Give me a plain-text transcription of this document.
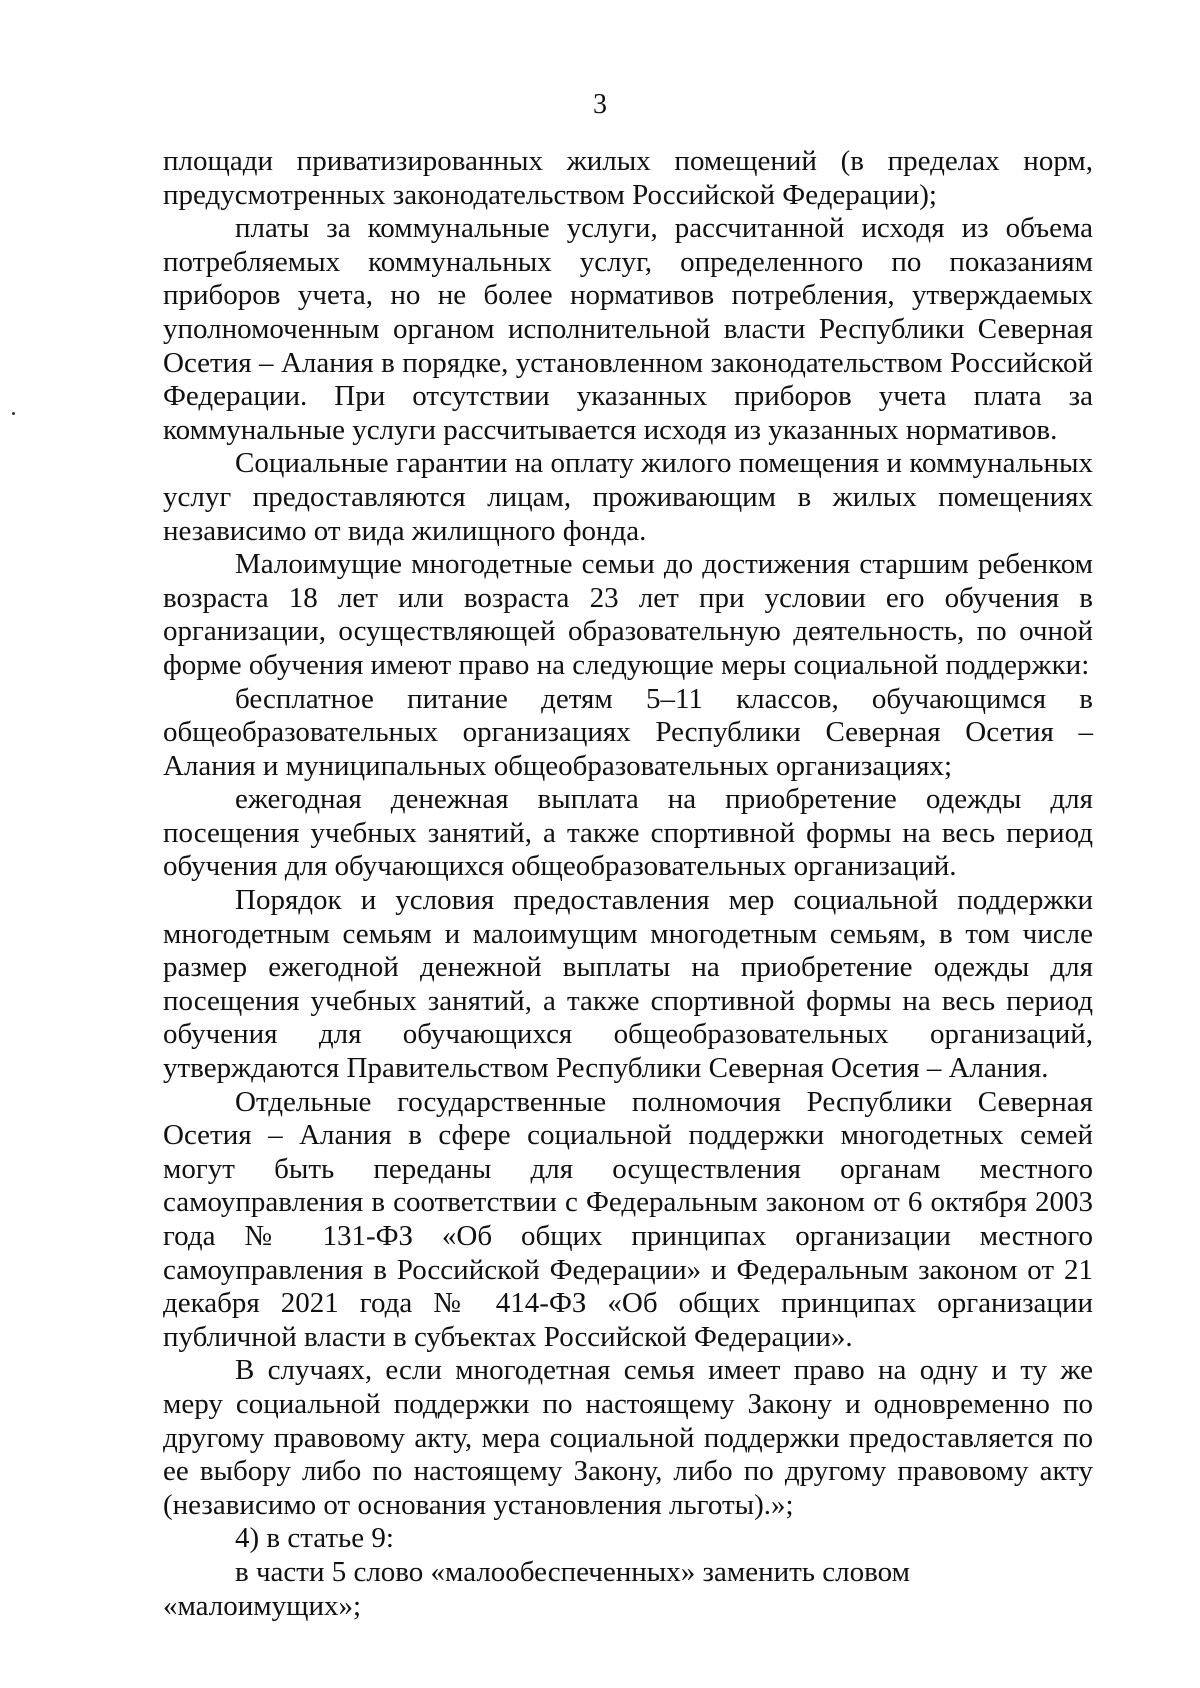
3

площади приватизированных жилых помещений (в пределах норм, предусмотренных законодательством Российской Федерации);

платы за коммунальные услуги, рассчитанной исходя из объема потребляемых коммунальных услуг, определенного по показаниям приборов учета, но не более нормативов потребления, утверждаемых уполномоченным органом исполнительной власти Республики Северная Осетия – Алания в порядке, установленном законодательством Российской Федерации. При отсутствии указанных приборов учета плата за коммунальные услуги рассчитывается исходя из указанных нормативов.

Социальные гарантии на оплату жилого помещения и коммунальных услуг предоставляются лицам, проживающим в жилых помещениях независимо от вида жилищного фонда.

Малоимущие многодетные семьи до достижения старшим ребенком возраста 18 лет или возраста 23 лет при условии его обучения в организации, осуществляющей образовательную деятельность, по очной форме обучения имеют право на следующие меры социальной поддержки:

бесплатное питание детям 5–11 классов, обучающимся в общеобразовательных организациях Республики Северная Осетия – Алания и муниципальных общеобразовательных организациях;

ежегодная денежная выплата на приобретение одежды для посещения учебных занятий, а также спортивной формы на весь период обучения для обучающихся общеобразовательных организаций.

Порядок и условия предоставления мер социальной поддержки многодетным семьям и малоимущим многодетным семьям, в том числе размер ежегодной денежной выплаты на приобретение одежды для посещения учебных занятий, а также спортивной формы на весь период обучения для обучающихся общеобразовательных организаций, утверждаются Правительством Республики Северная Осетия – Алания.

Отдельные государственные полномочия Республики Северная Осетия – Алания в сфере социальной поддержки многодетных семей могут быть переданы для осуществления органам местного самоуправления в соответствии с Федеральным законом от 6 октября 2003 года № 131-ФЗ «Об общих принципах организации местного самоуправления в Российской Федерации» и Федеральным законом от 21 декабря 2021 года № 414-ФЗ «Об общих принципах организации публичной власти в субъектах Российской Федерации».

В случаях, если многодетная семья имеет право на одну и ту же меру социальной поддержки по настоящему Закону и одновременно по другому правовому акту, мера социальной поддержки предоставляется по ее выбору либо по настоящему Закону, либо по другому правовому акту (независимо от основания установления льготы).»;

4) в статье 9:

в части 5 слово «малообеспеченных» заменить словом «малоимущих»;
